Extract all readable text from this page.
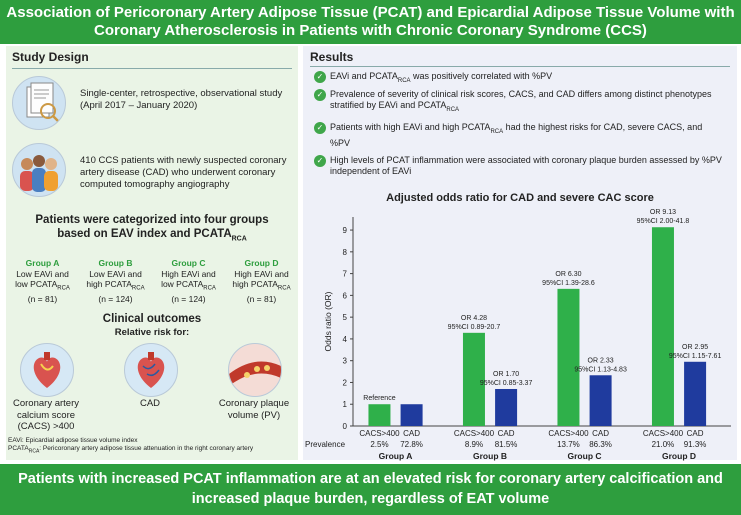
Association of Pericoronary Artery Adipose Tissue (PCAT) and Epicardial Adipose Tissue Volume with
Coronary Atherosclerosis in Patients with Chronic Coronary Syndrome (CCS)
Study Design
Single-center, retrospective, observational study (April 2017 – January 2020)
410 CCS patients with newly suspected coronary artery disease (CAD) who underwent coronary computed tomography angiography
Patients were categorized into four groups
based on EAV index and $PCATA_{RCA}$
Group A
Low EAVi and
low $PCATA_{RCA}$
(n = 81)
Group B
Low EAVi and
high $PCATA_{RCA}$
(n = 124)
Group C
High EAVi and
low $PCATA_{RCA}$
(n = 124)
Group D
High EAVi and
high $PCATA_{RCA}$
(n = 81)
Clinical outcomes
Relative risk for:
Coronary artery
calcium score
(CACS) >400
CAD	Coronary plaque
volume (PV)
EAVi: Epicardial adipose tissue volume index
$PCATA_{RCA}$: Pericoronary artery adipose tissue attenuation in the right coronary artery
Results
✓ EAVi and $PCATA_{RCA}$ was positively correlated with %PV
✓ Prevalence of severity of clinical risk scores, CACS, and CAD differs among distinct phenotypes stratified by EAVi and $PCATA_{RCA}$
✓ Patients with high EAVi and high $PCATA_{RCA}$ had the highest risks for CAD, severe CACS, and %PV
✓ High levels of PCAT inflammation were associated with coronary plaque burden assessed by %PV independent of EAVi
Adjusted odds ratio for CAD and severe CAC score
0
1
2
3
4
5
6
7
8
9
Odds ratio (OR)
Reference
CACS>400
2.5%
CAD
72.8%
Group A
OR 4.28
95%CI 0.89-20.7
CACS>400
8.9%
OR 1.70
95%CI 0.85-3.37
CAD
81.5%
Group B
OR 6.30
95%CI 1.39-28.6
CACS>400
13.7%
OR 2.33
95%CI 1.13-4.83
CAD
86.3%
Group C
OR 9.13
95%CI 2.00-41.8
CACS>400
21.0%
OR 2.95
95%CI 1.15-7.61
CAD
91.3%
Group D
Prevalence
Patients with increased PCAT inflammation are at an elevated risk for coronary artery calcification and
increased plaque burden, regardless of EAT volume
